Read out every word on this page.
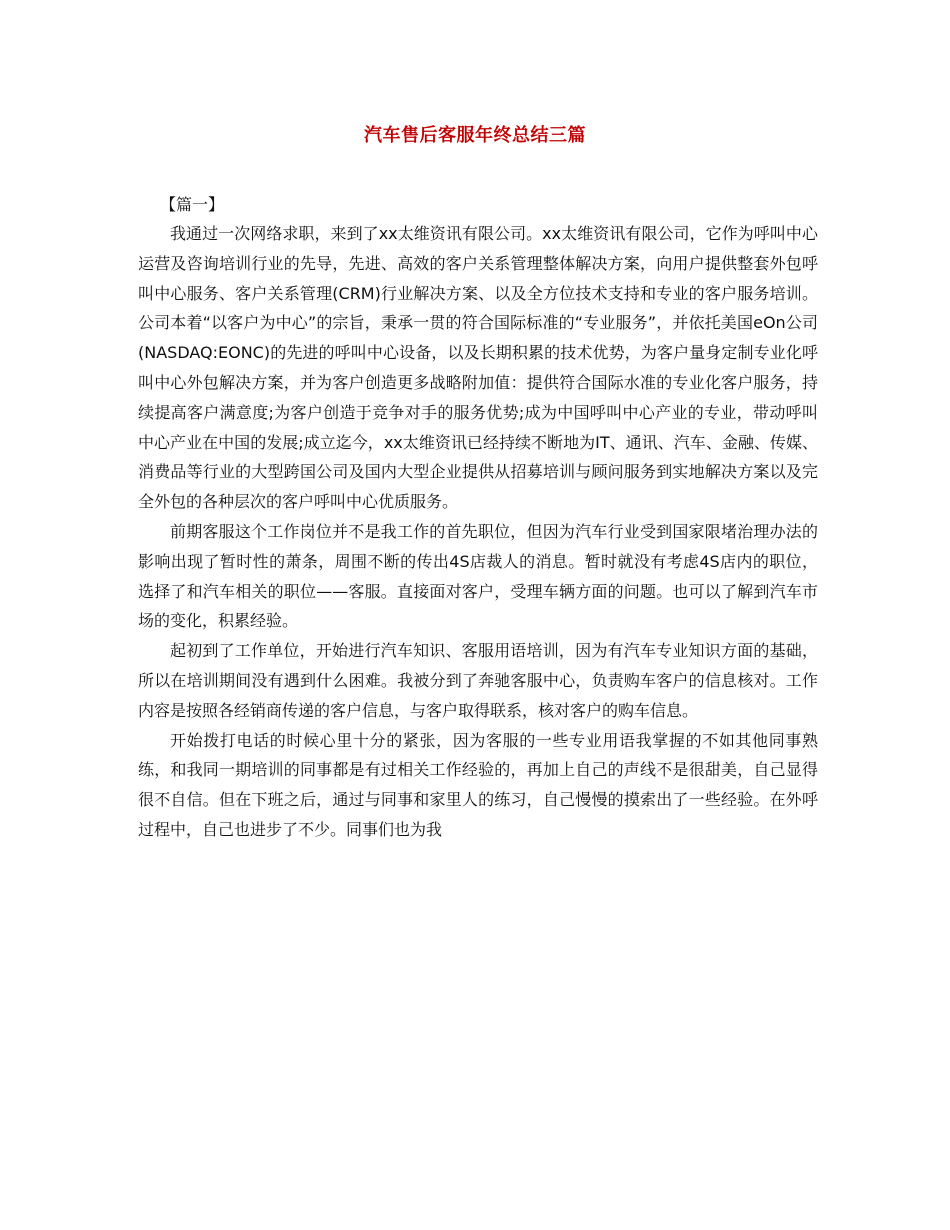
汽车售后客服年终总结三篇
【篇一】

我通过一次网络求职，来到了xx太维资讯有限公司。xx太维资讯有限公司，它作为呼叫中心运营及咨询培训行业的先导，先进、高效的客户关系管理整体解决方案，向用户提供整套外包呼叫中心服务、客户关系管理(CRM)行业解决方案、以及全方位技术支持和专业的客户服务培训。公司本着“以客户为中心”的宗旨，秉承一贯的符合国际标准的“专业服务”，并依托美国eOn公司(NASDAQ:EONC)的先进的呼叫中心设备，以及长期积累的技术优势，为客户量身定制专业化呼叫中心外包解决方案，并为客户创造更多战略附加值：提供符合国际水准的专业化客户服务，持续提高客户满意度;为客户创造于竞争对手的服务优势;成为中国呼叫中心产业的专业，带动呼叫中心产业在中国的发展;成立迄今，xx太维资讯已经持续不断地为IT、通讯、汽车、金融、传媒、消费品等行业的大型跨国公司及国内大型企业提供从招募培训与顾问服务到实地解决方案以及完全外包的各种层次的客户呼叫中心优质服务。

前期客服这个工作岗位并不是我工作的首先职位，但因为汽车行业受到国家限堵治理办法的影响出现了暂时性的萧条，周围不断的传出4S店裁人的消息。暂时就没有考虑4S店内的职位，选择了和汽车相关的职位——客服。直接面对客户，受理车辆方面的问题。也可以了解到汽车市场的变化，积累经验。

起初到了工作单位，开始进行汽车知识、客服用语培训，因为有汽车专业知识方面的基础，所以在培训期间没有遇到什么困难。我被分到了奔驰客服中心，负责购车客户的信息核对。工作内容是按照各经销商传递的客户信息，与客户取得联系，核对客户的购车信息。

开始拨打电话的时候心里十分的紧张，因为客服的一些专业用语我掌握的不如其他同事熟练，和我同一期培训的同事都是有过相关工作经验的，再加上自己的声线不是很甜美，自己显得很不自信。但在下班之后，通过与同事和家里人的练习，自己慢慢的摸索出了一些经验。在外呼过程中，自己也进步了不少。同事们也为我
